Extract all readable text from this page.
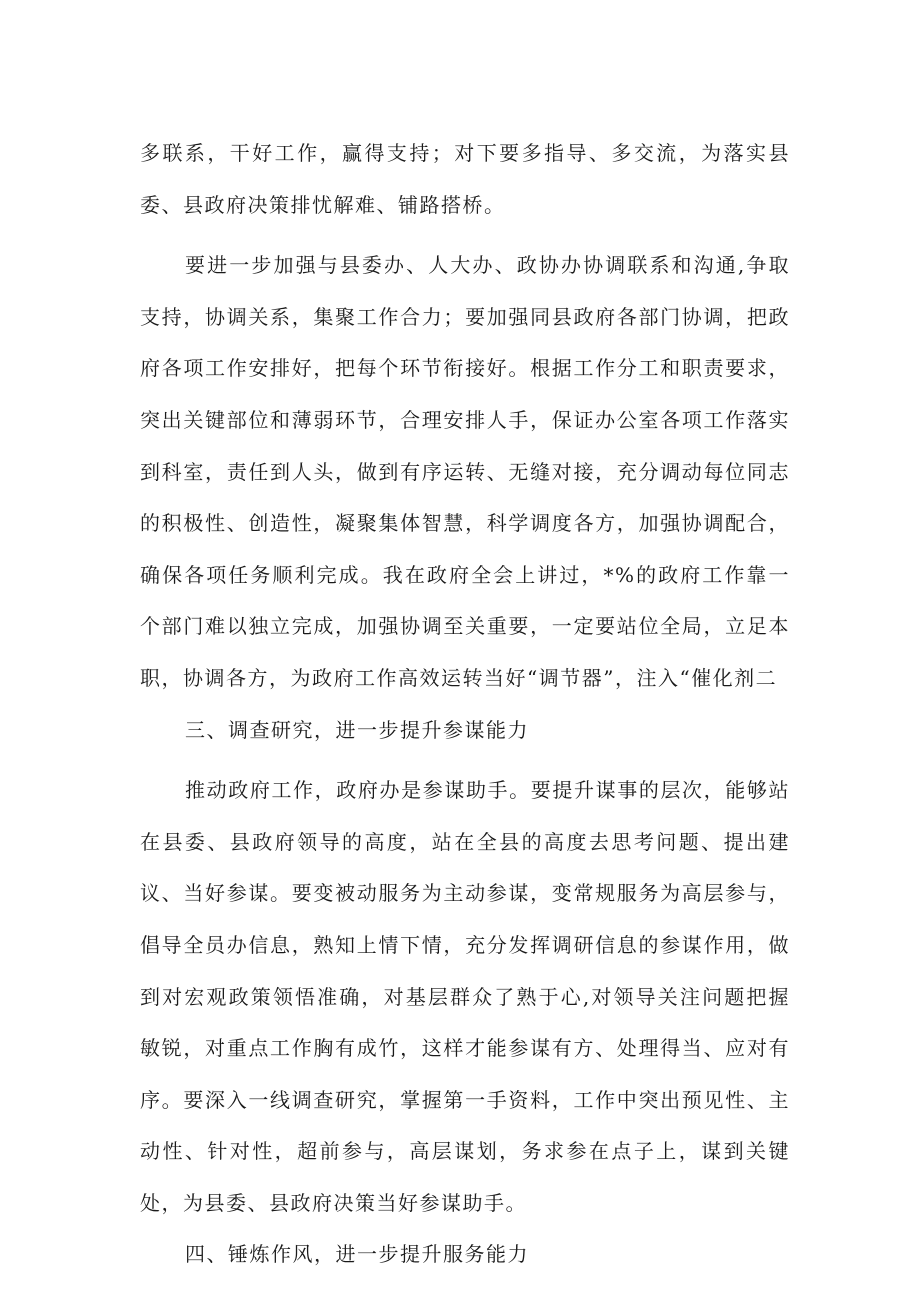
多联系，干好工作，赢得支持；对下要多指导、多交流，为落实县委、县政府决策排忧解难、铺路搭桥。

要进一步加强与县委办、人大办、政协办协调联系和沟通,争取支持，协调关系，集聚工作合力；要加强同县政府各部门协调，把政府各项工作安排好，把每个环节衔接好。根据工作分工和职责要求，突出关键部位和薄弱环节，合理安排人手，保证办公室各项工作落实到科室，责任到人头，做到有序运转、无缝对接，充分调动每位同志的积极性、创造性，凝聚集体智慧，科学调度各方，加强协调配合，确保各项任务顺利完成。我在政府全会上讲过，*%的政府工作靠一个部门难以独立完成，加强协调至关重要，一定要站位全局，立足本职，协调各方，为政府工作高效运转当好“调节器”，注入“催化剂二

三、调查研究，进一步提升参谋能力

推动政府工作，政府办是参谋助手。要提升谋事的层次，能够站在县委、县政府领导的高度，站在全县的高度去思考问题、提出建议、当好参谋。要变被动服务为主动参谋，变常规服务为高层参与，倡导全员办信息，熟知上情下情，充分发挥调研信息的参谋作用，做到对宏观政策领悟准确，对基层群众了熟于心,对领导关注问题把握敏锐，对重点工作胸有成竹，这样才能参谋有方、处理得当、应对有序。要深入一线调查研究，掌握第一手资料，工作中突出预见性、主动性、针对性，超前参与，高层谋划，务求参在点子上，谋到关键处，为县委、县政府决策当好参谋助手。

四、锤炼作风，进一步提升服务能力
